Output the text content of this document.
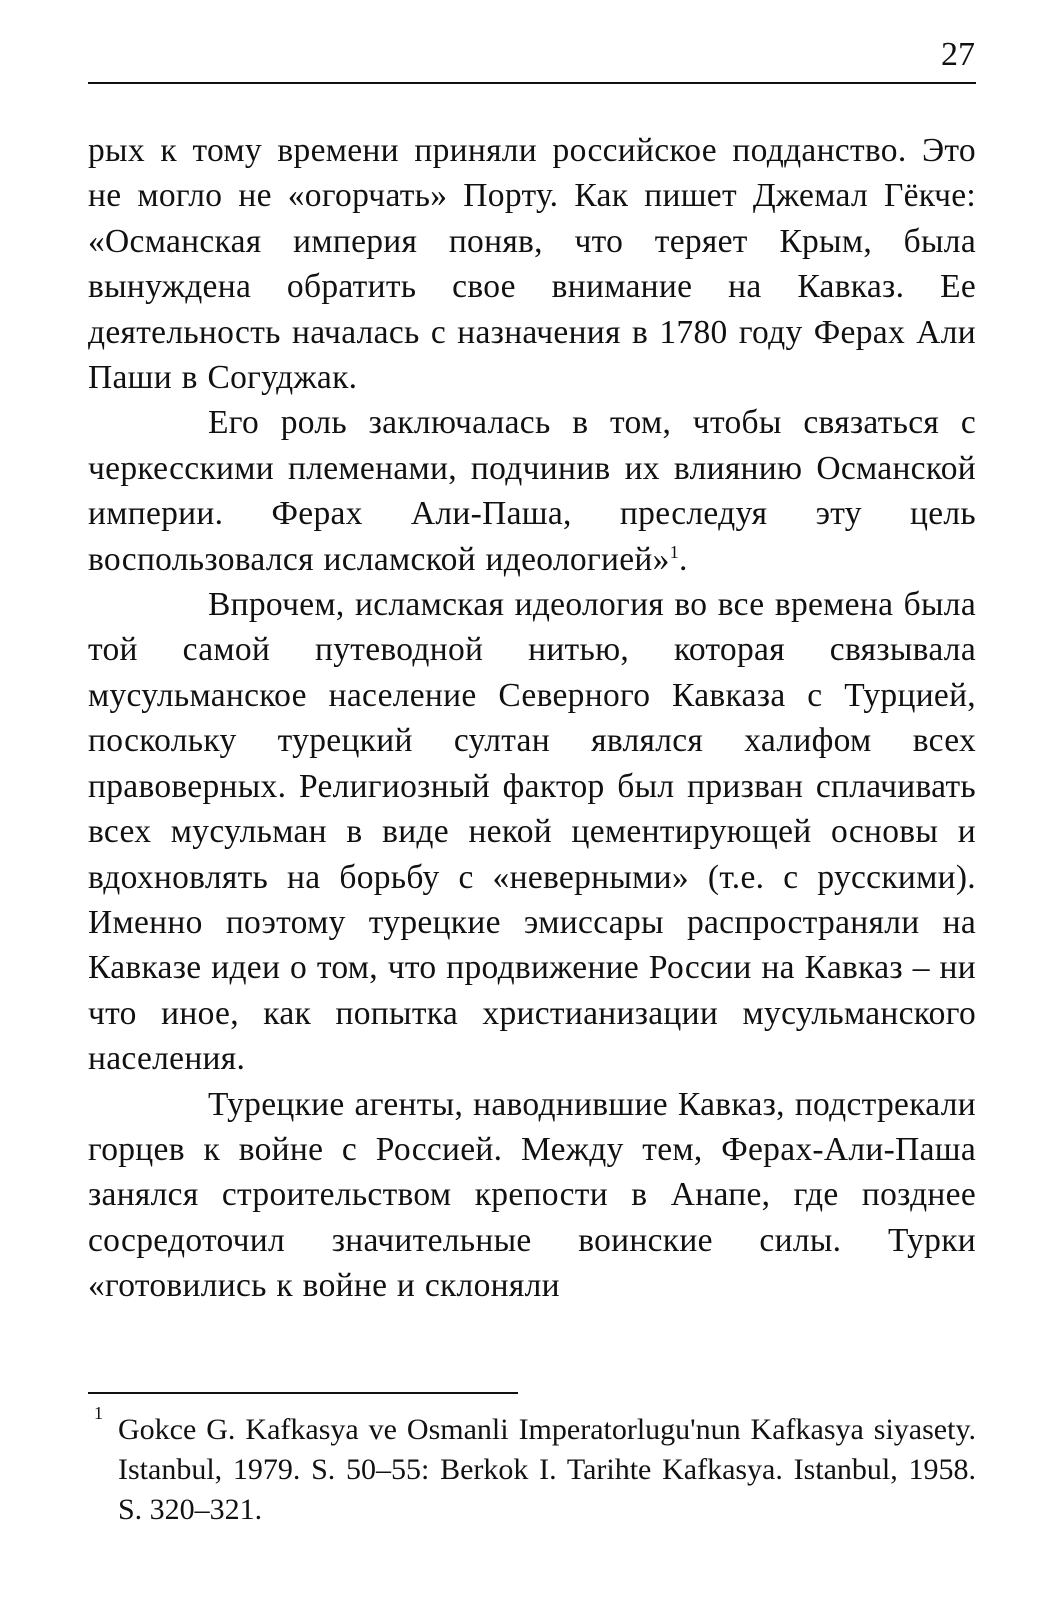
27

рых к тому времени приняли российское подданство. Это не могло не «огорчать» Порту. Как пишет Джемал Гёкче: «Османская империя поняв, что теряет Крым, была вынуждена обратить свое внимание на Кавказ. Ее деятельность началась с назначения в 1780 году Ферах Али Паши в Согуджак.

Его роль заключалась в том, чтобы связаться с черкесскими племенами, подчинив их влиянию Османской империи. Ферах Али-Паша, преследуя эту цель воспользовался исламской идеологией»$^1$.

Впрочем, исламская идеология во все времена была той самой путеводной нитью, которая связывала мусульманское население Северного Кавказа с Турцией, поскольку турецкий султан являлся халифом всех правоверных. Религиозный фактор был призван сплачивать всех мусульман в виде некой цементирующей основы и вдохновлять на борьбу с «неверными» (т.е. с русскими). Именно поэтому турецкие эмиссары распространяли на Кавказе идеи о том, что продвижение России на Кавказ – ни что иное, как попытка христианизации мусульманского населения.

Турецкие агенты, наводнившие Кавказ, подстрекали горцев к войне с Россией. Между тем, Ферах-Али-Паша занялся строительством крепости в Анапе, где позднее сосредоточил значительные воинские силы. Турки «готовились к войне и склоняли

1 Gokce G. Kafkasya ve Osmanli Imperatorlugu'nun Kafkasya siyasety. Istanbul, 1979. S. 50–55: Berkok I. Tarihte Kafkasya. Istanbul, 1958. S. 320–321.
